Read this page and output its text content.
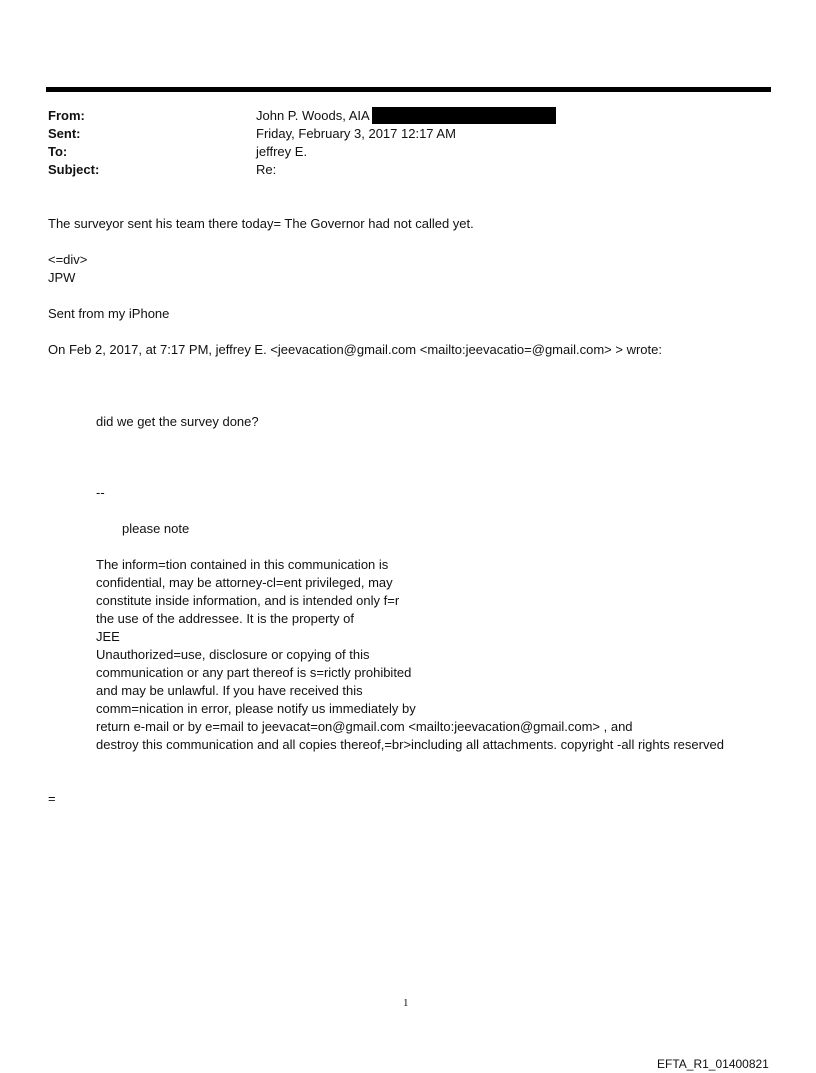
From:	John P. Woods, AIA
Sent:	Friday, February 3, 2017 12:17 AM
To:	jeffrey E.
Subject:	Re:
The surveyor sent his team there today= The Governor had not called yet.
<=div>
JPW
Sent from my iPhone
On Feb 2, 2017, at 7:17 PM, jeffrey E. <jeevacation@gmail.com <mailto:jeevacatio=@gmail.com> > wrote:
did we get the survey done?
--
please note
The inform=tion contained in this communication is
confidential, may be attorney-cl=ent privileged, may
constitute inside information, and is intended only f=r
the use of the addressee. It is the property of
JEE
Unauthorized=use, disclosure or copying of this
communication or any part thereof is s=rictly prohibited
and may be unlawful. If you have received this
comm=nication in error, please notify us immediately by
return e-mail or by e=mail to jeevacat=on@gmail.com <mailto:jeevacation@gmail.com> , and
destroy this communication and all copies thereof,=br>including all attachments. copyright -all rights reserved
=
1
EFTA_R1_01400821
